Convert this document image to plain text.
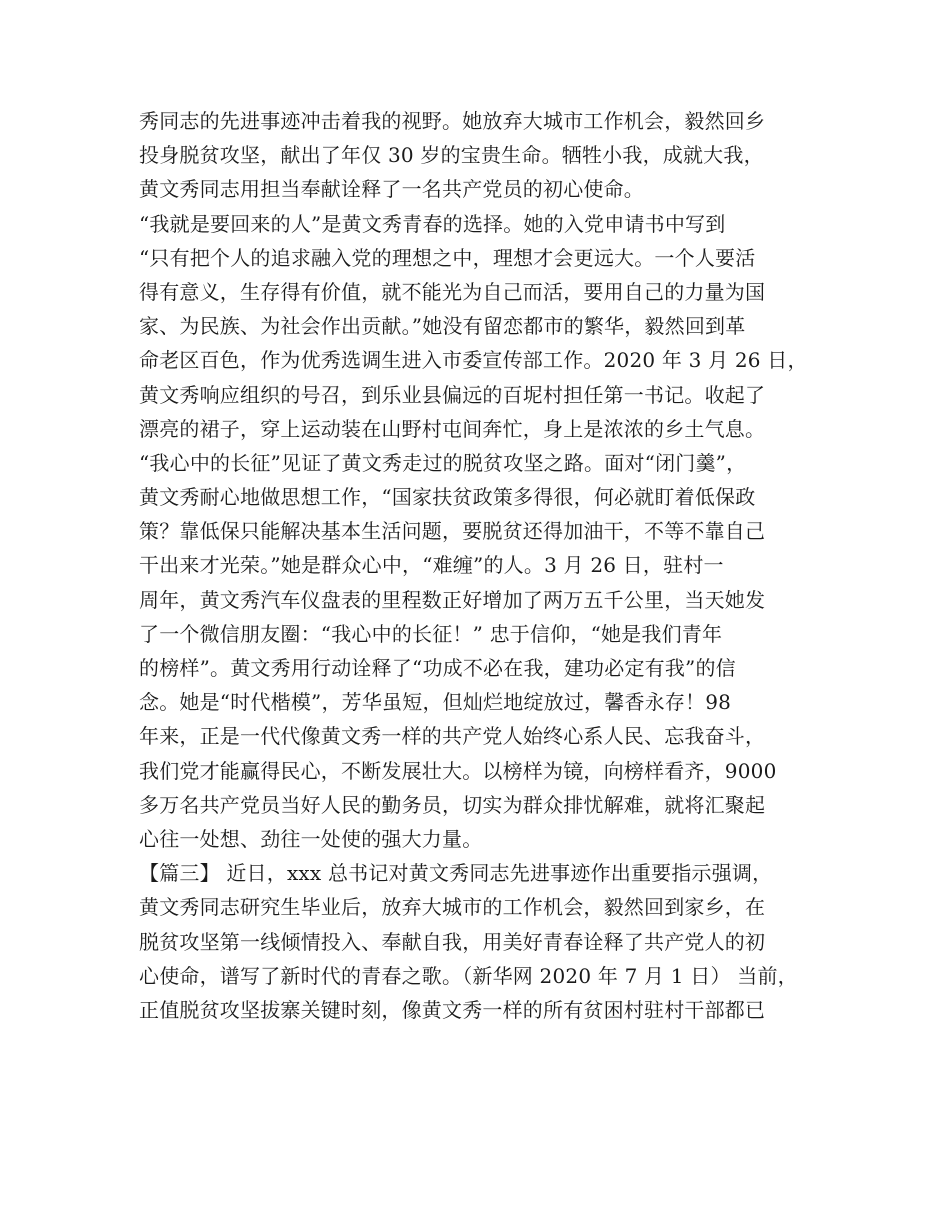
秀同志的先进事迹冲击着我的视野。她放弃大城市工作机会，毅然回乡
投身脱贫攻坚，献出了年仅 30 岁的宝贵生命。牺牲小我，成就大我，
黄文秀同志用担当奉献诠释了一名共产党员的初心使命。
“我就是要回来的人”是黄文秀青春的选择。她的入党申请书中写到
“只有把个人的追求融入党的理想之中，理想才会更远大。一个人要活
得有意义，生存得有价值，就不能光为自己而活，要用自己的力量为国
家、为民族、为社会作出贡献。”她没有留恋都市的繁华，毅然回到革
命老区百色，作为优秀选调生进入市委宣传部工作。2020 年 3 月 26 日，
黄文秀响应组织的号召，到乐业县偏远的百坭村担任第一书记。收起了
漂亮的裙子，穿上运动装在山野村屯间奔忙，身上是浓浓的乡土气息。
“我心中的长征”见证了黄文秀走过的脱贫攻坚之路。面对“闭门羹”，
黄文秀耐心地做思想工作，“国家扶贫政策多得很，何必就盯着低保政
策？靠低保只能解决基本生活问题，要脱贫还得加油干，不等不靠自己
干出来才光荣。”她是群众心中，“难缠”的人。3 月 26 日，驻村一
周年，黄文秀汽车仪盘表的里程数正好增加了两万五千公里，当天她发
了一个微信朋友圈：“我心中的长征！” 忠于信仰，“她是我们青年
的榜样”。黄文秀用行动诠释了“功成不必在我，建功必定有我”的信
念。她是“时代楷模”，芳华虽短，但灿烂地绽放过，馨香永存！98
年来，正是一代代像黄文秀一样的共产党人始终心系人民、忘我奋斗，
我们党才能赢得民心，不断发展壮大。以榜样为镜，向榜样看齐，9000
多万名共产党员当好人民的勤务员，切实为群众排忧解难，就将汇聚起
心往一处想、劲往一处使的强大力量。
【篇三】 近日，xxx 总书记对黄文秀同志先进事迹作出重要指示强调，
黄文秀同志研究生毕业后，放弃大城市的工作机会，毅然回到家乡，在
脱贫攻坚第一线倾情投入、奉献自我，用美好青春诠释了共产党人的初
心使命，谱写了新时代的青春之歌。（新华网 2020 年 7 月 1 日） 当前，
正值脱贫攻坚拔寨关键时刻，像黄文秀一样的所有贫困村驻村干部都已
